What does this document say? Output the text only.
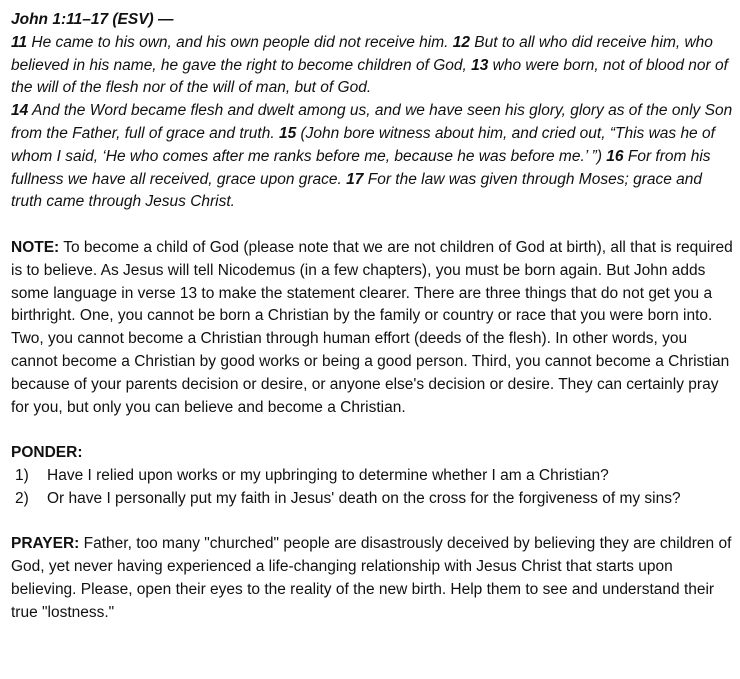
John 1:11–17 (ESV) —

11 He came to his own, and his own people did not receive him. 12 But to all who did receive him, who believed in his name, he gave the right to become children of God, 13 who were born, not of blood nor of the will of the flesh nor of the will of man, but of God.

14 And the Word became flesh and dwelt among us, and we have seen his glory, glory as of the only Son from the Father, full of grace and truth. 15 (John bore witness about him, and cried out, “This was he of whom I said, ‘He who comes after me ranks before me, because he was before me.’ ”) 16 For from his fullness we have all received, grace upon grace. 17 For the law was given through Moses; grace and truth came through Jesus Christ.

NOTE: To become a child of God (please note that we are not children of God at birth), all that is required is to believe. As Jesus will tell Nicodemus (in a few chapters), you must be born again. But John adds some language in verse 13 to make the statement clearer. There are three things that do not get you a birthright. One, you cannot be born a Christian by the family or country or race that you were born into. Two, you cannot become a Christian through human effort (deeds of the flesh). In other words, you cannot become a Christian by good works or being a good person. Third, you cannot become a Christian because of your parents decision or desire, or anyone else's decision or desire. They can certainly pray for you, but only you can believe and become a Christian.

PONDER:

1) Have I relied upon works or my upbringing to determine whether I am a Christian?
2) Or have I personally put my faith in Jesus' death on the cross for the forgiveness of my sins?

PRAYER: Father, too many "churched" people are disastrously deceived by believing they are children of God, yet never having experienced a life-changing relationship with Jesus Christ that starts upon believing. Please, open their eyes to the reality of the new birth. Help them to see and understand their true "lostness."
